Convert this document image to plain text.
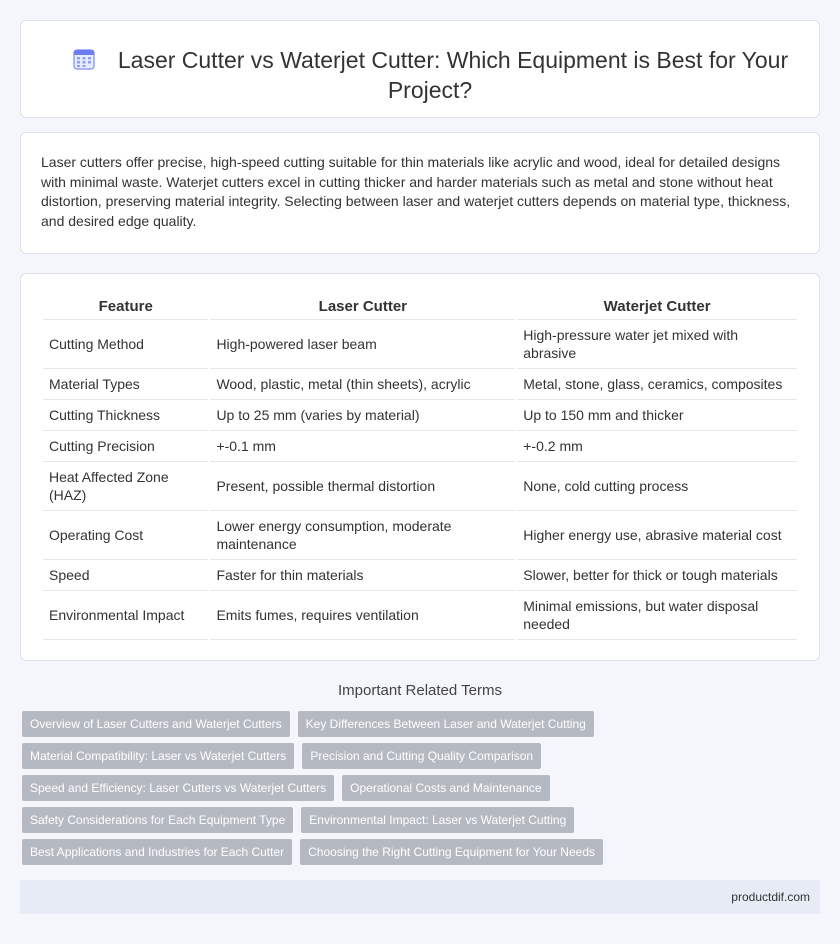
Laser Cutter vs Waterjet Cutter: Which Equipment is Best for Your Project?

Laser cutters offer precise, high-speed cutting suitable for thin materials like acrylic and wood, ideal for detailed designs with minimal waste. Waterjet cutters excel in cutting thicker and harder materials such as metal and stone without heat distortion, preserving material integrity. Selecting between laser and waterjet cutters depends on material type, thickness, and desired edge quality.

Feature	Laser Cutter	Waterjet Cutter
Cutting Method	High-powered laser beam	High-pressure water jet mixed with abrasive
Material Types	Wood, plastic, metal (thin sheets), acrylic	Metal, stone, glass, ceramics, composites
Cutting Thickness	Up to 25 mm (varies by material)	Up to 150 mm and thicker
Cutting Precision	+-0.1 mm	+-0.2 mm
Heat Affected Zone (HAZ)	Present, possible thermal distortion	None, cold cutting process
Operating Cost	Lower energy consumption, moderate maintenance	Higher energy use, abrasive material cost
Speed	Faster for thin materials	Slower, better for thick or tough materials
Environmental Impact	Emits fumes, requires ventilation	Minimal emissions, but water disposal needed
Important Related Terms
Overview of Laser Cutters and Waterjet Cutters	Key Differences Between Laser and Waterjet Cutting
Material Compatibility: Laser vs Waterjet Cutters	Precision and Cutting Quality Comparison
Speed and Efficiency: Laser Cutters vs Waterjet Cutters	Operational Costs and Maintenance
Safety Considerations for Each Equipment Type	Environmental Impact: Laser vs Waterjet Cutting
Best Applications and Industries for Each Cutter	Choosing the Right Cutting Equipment for Your Needs
productdif.com
